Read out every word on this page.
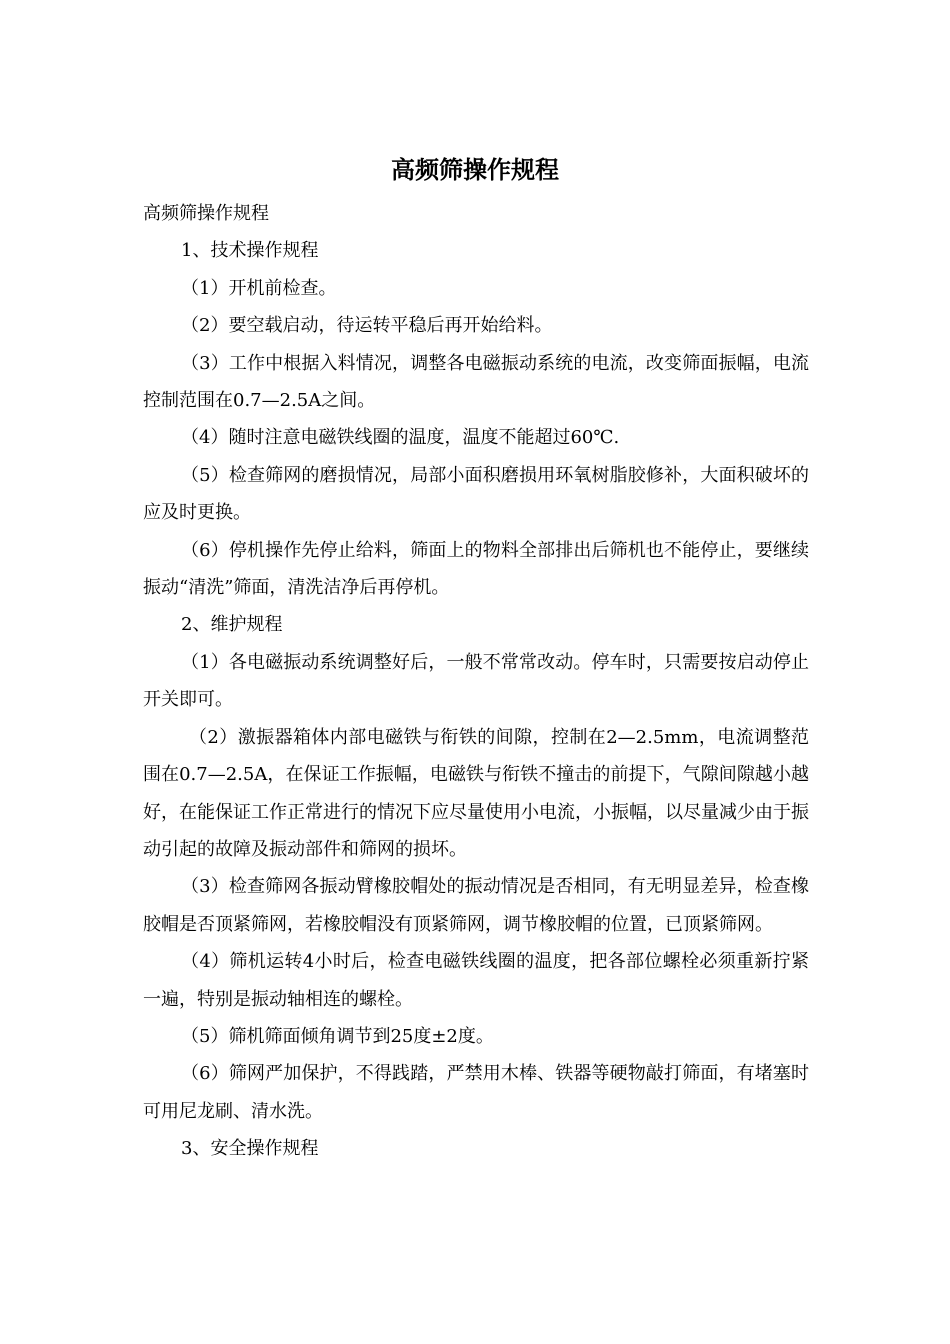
高频筛操作规程

高频筛操作规程

1、技术操作规程

（1）开机前检查。

（2）要空载启动，待运转平稳后再开始给料。

（3）工作中根据入料情况，调整各电磁振动系统的电流，改变筛面振幅，电流控制范围在0.7—2.5A之间。

（4）随时注意电磁铁线圈的温度，温度不能超过60℃.

（5）检查筛网的磨损情况，局部小面积磨损用环氧树脂胶修补，大面积破坏的应及时更换。

（6）停机操作先停止给料，筛面上的物料全部排出后筛机也不能停止，要继续振动“清洗”筛面，清洗洁净后再停机。

2、维护规程

（1）各电磁振动系统调整好后，一般不常常改动。停车时，只需要按启动停止开关即可。

（2）激振器箱体内部电磁铁与衔铁的间隙，控制在2—2.5mm，电流调整范围在0.7—2.5A，在保证工作振幅，电磁铁与衔铁不撞击的前提下，气隙间隙越小越好，在能保证工作正常进行的情况下应尽量使用小电流，小振幅，以尽量减少由于振动引起的故障及振动部件和筛网的损坏。

（3）检查筛网各振动臂橡胶帽处的振动情况是否相同，有无明显差异，检查橡胶帽是否顶紧筛网，若橡胶帽没有顶紧筛网，调节橡胶帽的位置，已顶紧筛网。

（4）筛机运转4小时后，检查电磁铁线圈的温度，把各部位螺栓必须重新拧紧一遍，特别是振动轴相连的螺栓。

（5）筛机筛面倾角调节到25度±2度。

（6）筛网严加保护，不得践踏，严禁用木棒、铁器等硬物敲打筛面，有堵塞时可用尼龙刷、清水洗。

3、安全操作规程
